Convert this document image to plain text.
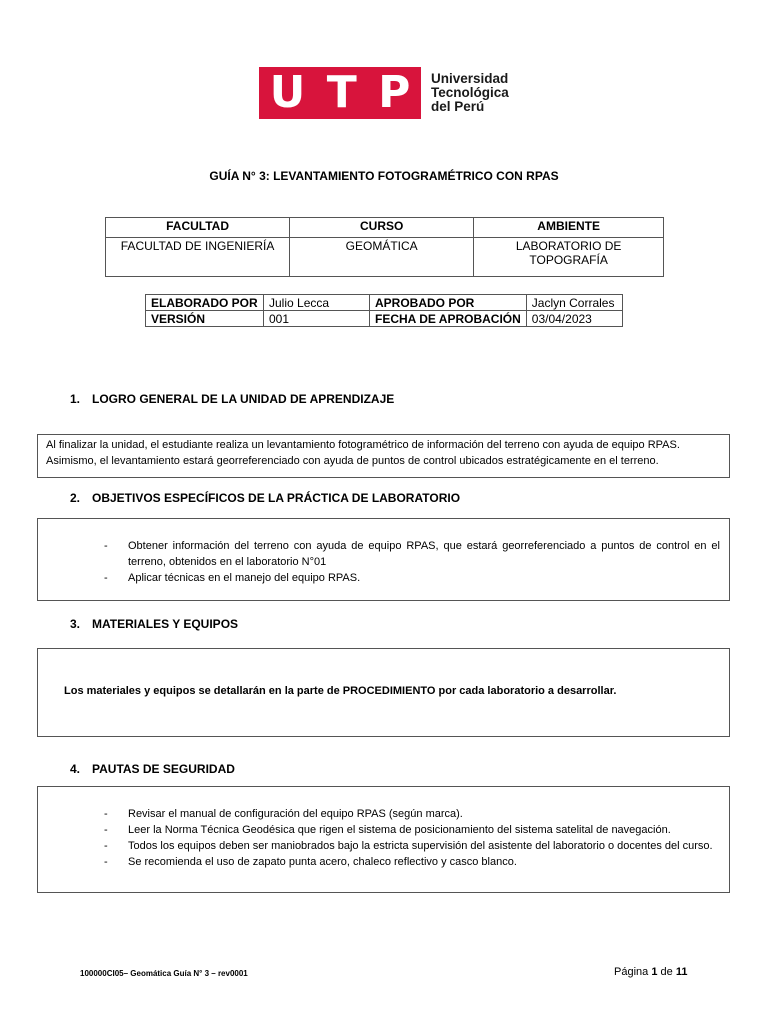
U T P Universidad
Tecnológica
del Perú
GUÍA N° 3: LEVANTAMIENTO FOTOGRAMÉTRICO CON RPAS
FACULTAD	CURSO	AMBIENTE
FACULTAD DE INGENIERÍA	GEOMÁTICA	LABORATORIO DE TOPOGRAFÍA
ELABORADO POR	Julio Lecca	APROBADO POR	Jaclyn Corrales
VERSIÓN	001	FECHA DE APROBACIÓN	03/04/2023
1. LOGRO GENERAL DE LA UNIDAD DE APRENDIZAJE

Al finalizar la unidad, el estudiante realiza un levantamiento fotogramétrico de información del terreno con ayuda de equipo RPAS. Asimismo, el levantamiento estará georreferenciado con ayuda de puntos de control ubicados estratégicamente en el terreno.

2. OBJETIVOS ESPECÍFICOS DE LA PRÁCTICA DE LABORATORIO
- Obtener información del terreno con ayuda de equipo RPAS, que estará georreferenciado a puntos de control en el terreno, obtenidos en el laboratorio N°01
- Aplicar técnicas en el manejo del equipo RPAS.
3. MATERIALES Y EQUIPOS

Los materiales y equipos se detallarán en la parte de PROCEDIMIENTO por cada laboratorio a desarrollar.

4. PAUTAS DE SEGURIDAD
- Revisar el manual de configuración del equipo RPAS (según marca).
- Leer la Norma Técnica Geodésica que rigen el sistema de posicionamiento del sistema satelital de navegación.
- Todos los equipos deben ser maniobrados bajo la estricta supervisión del asistente del laboratorio o docentes del curso.
- Se recomienda el uso de zapato punta acero, chaleco reflectivo y casco blanco.
100000CI05– Geomática Guía N° 3 – rev0001	Página 1 de 11
